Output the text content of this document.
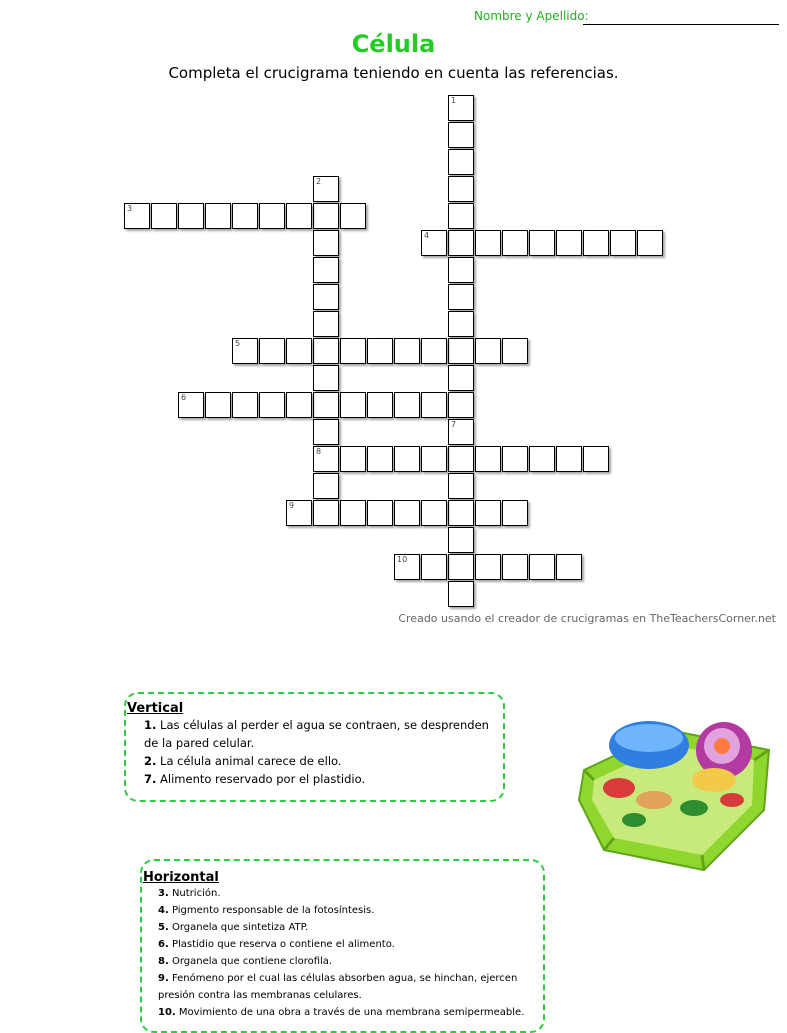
Nombre y Apellido:
Célula
Completa el crucigrama teniendo en cuenta las referencias.
1
2
8
3
4
5
6
7
9
10
Creado usando el creador de crucigramas en TheTeachersCorner.net
Vertical
1. Las células al perder el agua se contraen, se desprenden de la pared celular.
2. La célula animal carece de ello.
7. Alimento reservado por el plastidio.
Horizontal
3. Nutrición.
4. Pigmento responsable de la fotosíntesis.
5. Organela que sintetiza ATP.
6. Plastidio que reserva o contiene el alimento.
8. Organela que contiene clorofila.
9. Fenómeno por el cual las células absorben agua, se hinchan, ejercen presión contra las membranas celulares.
10. Movimiento de una obra a través de una membrana semipermeable.
